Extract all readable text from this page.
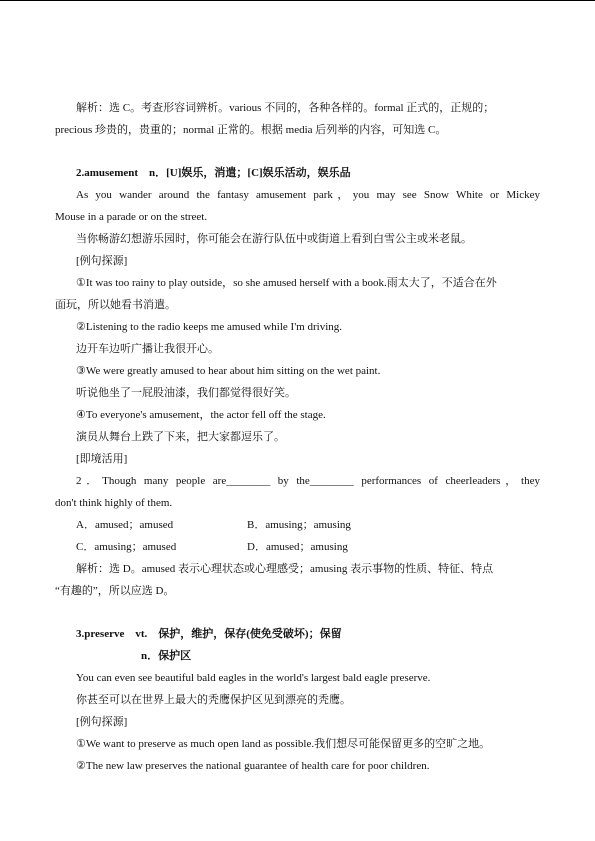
解析：选 C。考查形容词辨析。various 不同的，各种各样的。formal 正式的，正规的；
precious 珍贵的，贵重的；normal 正常的。根据 media 后列举的内容，可知选 C。
2.amusement　n．[U]娱乐，消遣；[C]娱乐活动，娱乐品
As you wander around the fantasy amusement park，you may see Snow White or Mickey
Mouse in a parade or on the street.
当你畅游幻想游乐园时，你可能会在游行队伍中或街道上看到白雪公主或米老鼠。
[例句探源]
①It was too rainy to play outside，so she amused herself with a book.雨太大了，不适合在外
面玩，所以她看书消遣。
②Listening to the radio keeps me amused while I'm driving.
边开车边听广播让我很开心。
③We were greatly amused to hear about him sitting on the wet paint.
听说他坐了一屁股油漆，我们都觉得很好笑。
④To everyone's amusement，the actor fell off the stage.
演员从舞台上跌了下来，把大家都逗乐了。
[即境活用]
2．Though many people are________ by the________ performances of cheerleaders，they
don't think highly of them.
A．amused；amused	B．amusing；amusing
C．amusing；amused	D．amused；amusing
解析：选 D。amused 表示心理状态或心理感受；amusing 表示事物的性质、特征、特点
“有趣的”，所以应选 D。
3.preserve　vt.　保护，维护，保存(使免受破坏)；保留
n．保护区
You can even see beautiful bald eagles in the world's largest bald eagle preserve.
你甚至可以在世界上最大的秃鹰保护区见到漂亮的秃鹰。
[例句探源]
①We want to preserve as much open land as possible.我们想尽可能保留更多的空旷之地。
②The new law preserves the national guarantee of health care for poor children.
